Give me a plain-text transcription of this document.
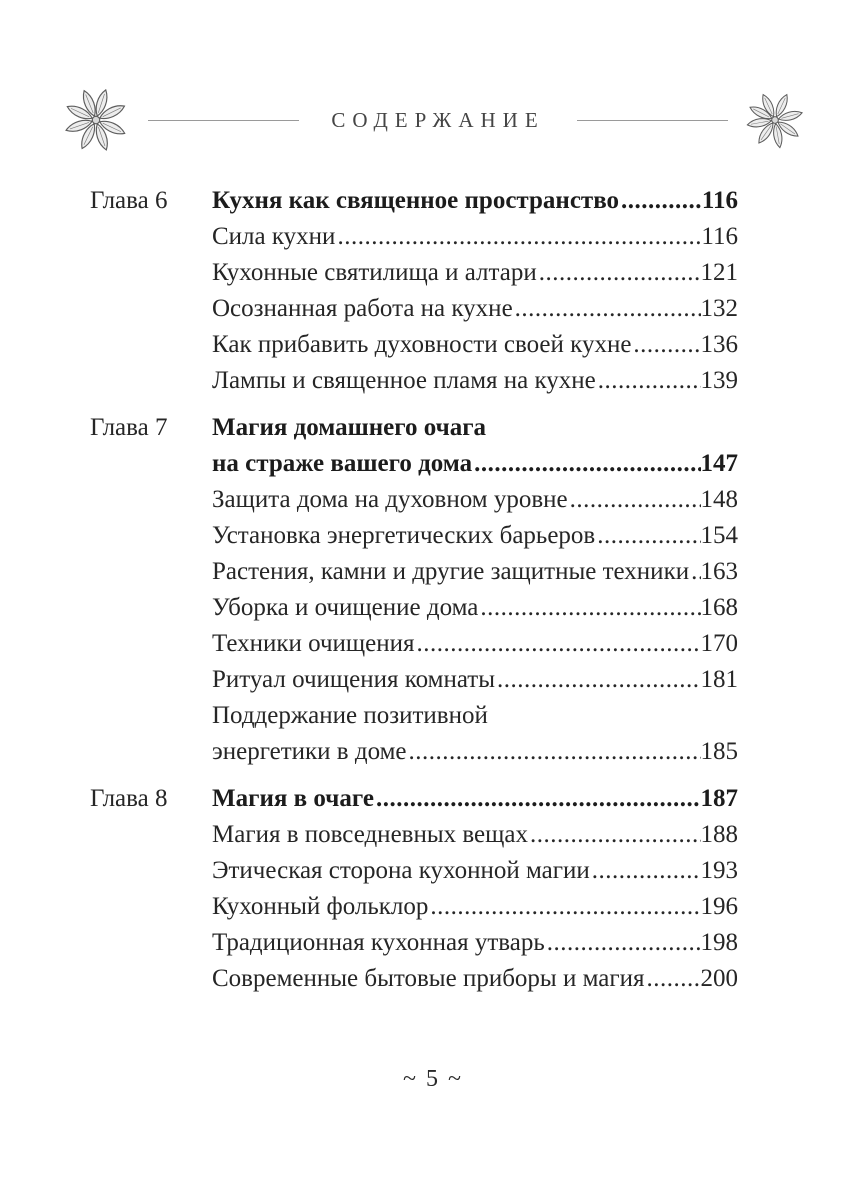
СОДЕРЖАНИЕ
Глава 6	Кухня как священное пространство .....	116
Сила кухни .....	116
Кухонные святилища и алтари .....	121
Осознанная работа на кухне .....	132
Как прибавить духовности своей кухне .....	136
Лампы и священное пламя на кухне .....	139
Глава 7	Магия домашнего очага
на страже вашего дома .....	147
Защита дома на духовном уровне .....	148
Установка энергетических барьеров .....	154
Растения, камни и другие защитные техники ..... 163
Уборка и очищение дома .....	168
Техники очищения .....	170
Ритуал очищения комнаты .....	181
Поддержание позитивной
энергетики в доме .....	185
Глава 8	Магия в очаге .....	187
Магия в повседневных вещах .....	188
Этическая сторона кухонной магии .....	193
Кухонный фольклор .....	196
Традиционная кухонная утварь .....	198
Современные бытовые приборы и магия ..... 200
~ 5 ~
